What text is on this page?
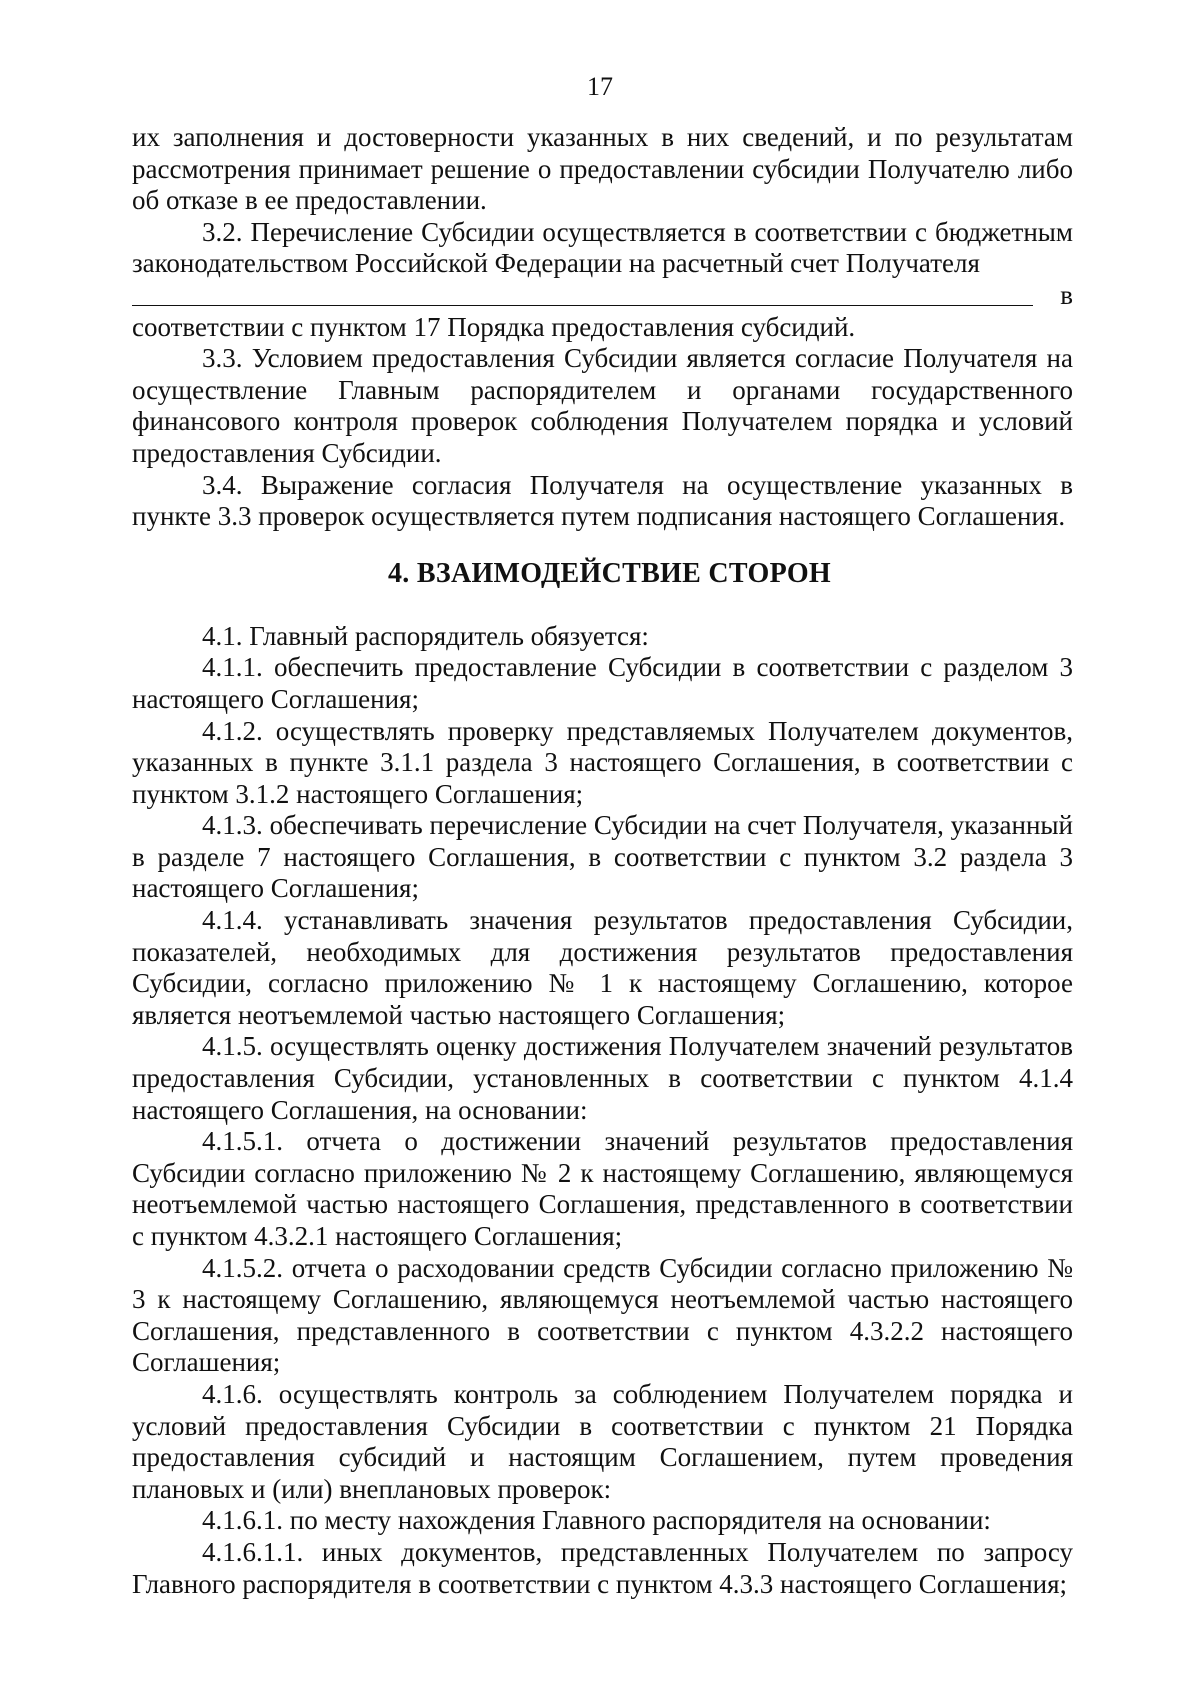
17

их заполнения и достоверности указанных в них сведений, и по результатам рассмотрения принимает решение о предоставлении субсидии Получателю либо об отказе в ее предоставлении.

3.2. Перечисление Субсидии осуществляется в соответствии с бюджетным законодательством Российской Федерации на расчетный счет Получателя

в

соответствии с пунктом 17 Порядка предоставления субсидий.

3.3. Условием предоставления Субсидии является согласие Получателя на осуществление Главным распорядителем и органами государственного финансового контроля проверок соблюдения Получателем порядка и условий предоставления Субсидии.

3.4. Выражение согласия Получателя на осуществление указанных в пункте 3.3 проверок осуществляется путем подписания настоящего Соглашения.

4. ВЗАИМОДЕЙСТВИЕ СТОРОН

4.1. Главный распорядитель обязуется:

4.1.1. обеспечить предоставление Субсидии в соответствии с разделом 3 настоящего Соглашения;

4.1.2. осуществлять проверку представляемых Получателем документов, указанных в пункте 3.1.1 раздела 3 настоящего Соглашения, в соответствии с пунктом 3.1.2 настоящего Соглашения;

4.1.3. обеспечивать перечисление Субсидии на счет Получателя, указанный в разделе 7 настоящего Соглашения, в соответствии с пунктом 3.2 раздела 3 настоящего Соглашения;

4.1.4. устанавливать значения результатов предоставления Субсидии, показателей, необходимых для достижения результатов предоставления Субсидии, согласно приложению № 1 к настоящему Соглашению, которое является неотъемлемой частью настоящего Соглашения;

4.1.5. осуществлять оценку достижения Получателем значений результатов предоставления Субсидии, установленных в соответствии с пунктом 4.1.4 настоящего Соглашения, на основании:

4.1.5.1. отчета о достижении значений результатов предоставления Субсидии согласно приложению № 2 к настоящему Соглашению, являющемуся неотъемлемой частью настоящего Соглашения, представленного в соответствии с пунктом 4.3.2.1 настоящего Соглашения;

4.1.5.2. отчета о расходовании средств Субсидии согласно приложению № 3 к настоящему Соглашению, являющемуся неотъемлемой частью настоящего Соглашения, представленного в соответствии с пунктом 4.3.2.2 настоящего Соглашения;

4.1.6. осуществлять контроль за соблюдением Получателем порядка и условий предоставления Субсидии в соответствии с пунктом 21 Порядка предоставления субсидий и настоящим Соглашением, путем проведения плановых и (или) внеплановых проверок:

4.1.6.1. по месту нахождения Главного распорядителя на основании:

4.1.6.1.1. иных документов, представленных Получателем по запросу Главного распорядителя в соответствии с пунктом 4.3.3 настоящего Соглашения;
